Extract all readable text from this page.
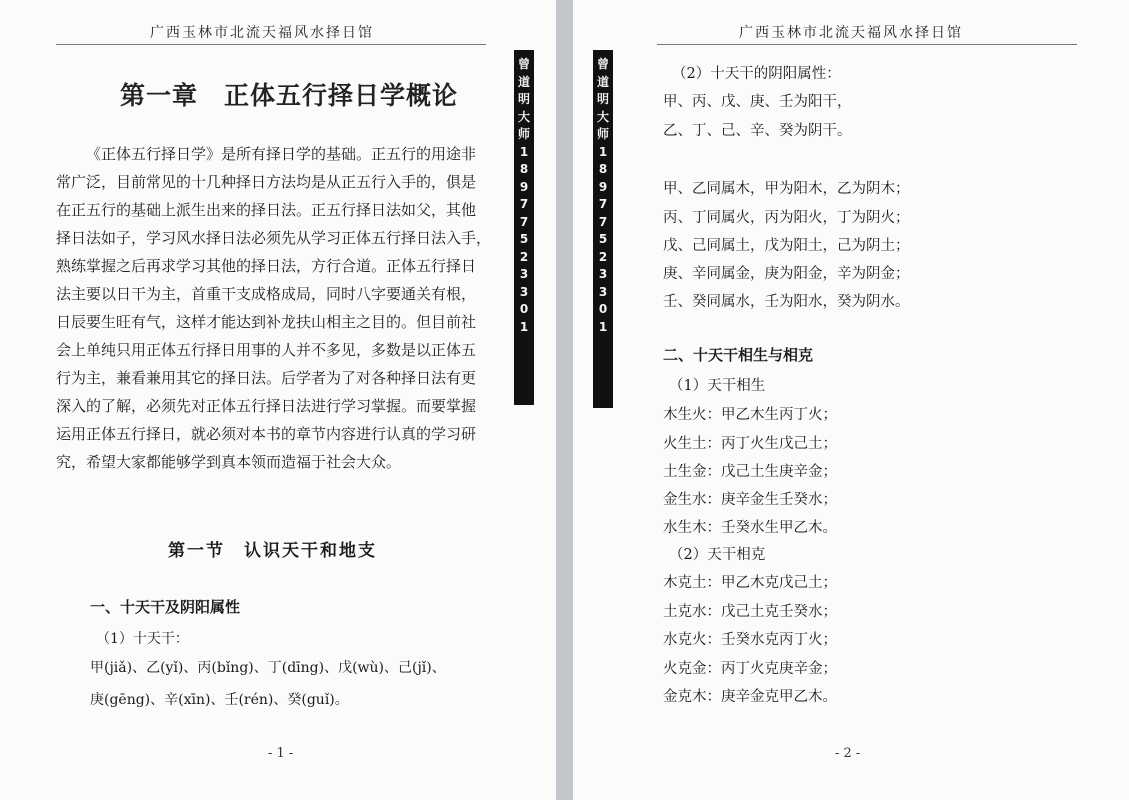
广西玉林市北流天福风水择日馆
曾
道
明
大
师
1
8
9
7
7
5
2
3
3
0
1
第一章　正体五行择日学概论
《正体五行择日学》是所有择日学的基础。正五行的用途非
常广泛，目前常见的十几种择日方法均是从正五行入手的，俱是
在正五行的基础上派生出来的择日法。正五行择日法如父，其他
择日法如子，学习风水择日法必须先从学习正体五行择日法入手，
熟练掌握之后再求学习其他的择日法，方行合道。正体五行择日
法主要以日干为主，首重干支成格成局，同时八字要通关有根，
日辰要生旺有气，这样才能达到补龙扶山相主之目的。但目前社
会上单纯只用正体五行择日用事的人并不多见，多数是以正体五
行为主，兼看兼用其它的择日法。后学者为了对各种择日法有更
深入的了解，必须先对正体五行择日法进行学习掌握。而要掌握
运用正体五行择日，就必须对本书的章节内容进行认真的学习研
究，希望大家都能够学到真本领而造福于社会大众。
第一节　认识天干和地支
一、十天干及阴阳属性
（1）十天干：
甲(jiǎ)、乙(yǐ)、丙(bǐng)、丁(dīng)、戊(wù)、己(jǐ)、
庚(gēng)、辛(xīn)、壬(rén)、癸(guǐ)。
- 1 -
广西玉林市北流天福风水择日馆
曾
道
明
大
师
1
8
9
7
7
5
2
3
3
0
1
（2）十天干的阴阳属性：
甲、丙、戊、庚、壬为阳干，
乙、丁、己、辛、癸为阴干。
甲、乙同属木，甲为阳木，乙为阴木；
丙、丁同属火，丙为阳火，丁为阴火；
戊、己同属土，戊为阳土，己为阴土；
庚、辛同属金，庚为阳金，辛为阴金；
壬、癸同属水，壬为阳水，癸为阴水。
二、十天干相生与相克
（1）天干相生
木生火：甲乙木生丙丁火；
火生土：丙丁火生戊己土；
土生金：戊己土生庚辛金；
金生水：庚辛金生壬癸水；
水生木：壬癸水生甲乙木。
（2）天干相克
木克土：甲乙木克戊己土；
土克水：戊己土克壬癸水；
水克火：壬癸水克丙丁火；
火克金：丙丁火克庚辛金；
金克木：庚辛金克甲乙木。
- 2 -
